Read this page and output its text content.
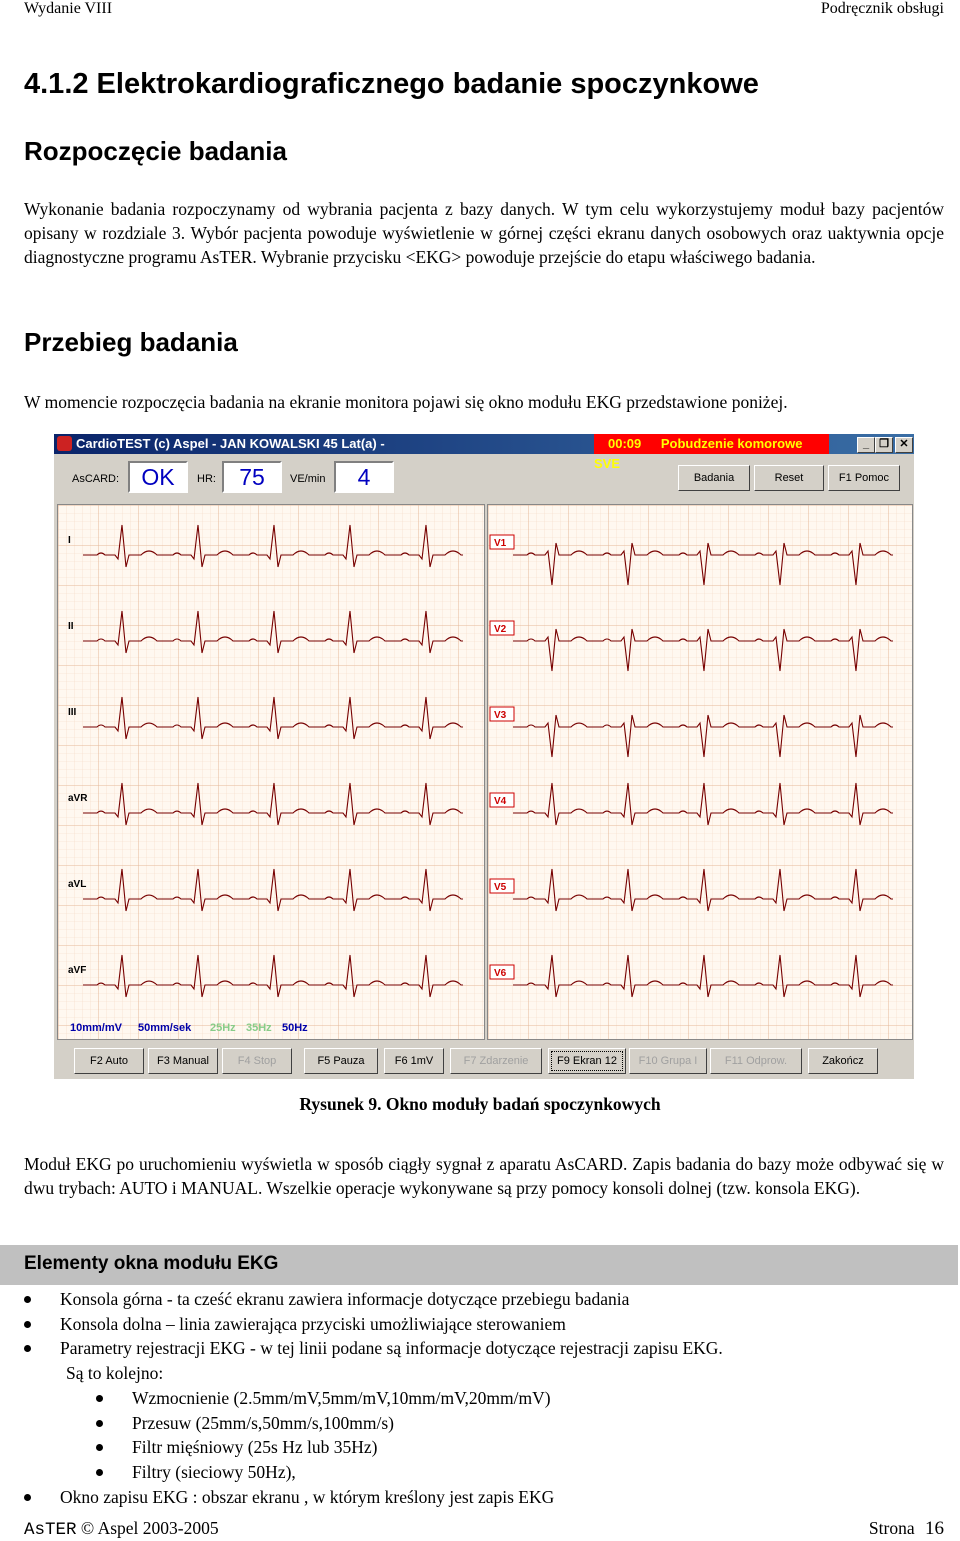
Wydanie VIII	Podręcznik obsługi
4.1.2 Elektrokardiograficznego badanie spoczynkowe
Rozpoczęcie badania
Wykonanie badania rozpoczynamy od wybrania pacjenta z bazy danych. W tym celu wykorzystujemy moduł bazy pacjentów opisany w rozdziale 3. Wybór pacjenta powoduje wyświetlenie w górnej części ekranu danych osobowych oraz uaktywnia opcje diagnostyczne programu AsTER. Wybranie przycisku <EKG> powoduje przejście do etapu właściwego badania.
Przebieg badania
W momencie rozpoczęcia badania na ekranie monitora pojawi się okno modułu EKG przedstawione poniżej.
CardioTEST (c) Aspel - JAN KOWALSKI 45 Lat(a) -	00:09 Pobudzenie komorowe SVE
_ ❐ ✕
AsCARD: OK	HR:	75	VE/min	4	Badania	Reset	F1 Pomoc
I
II
III
aVR
aVL
aVF
10mm/mV 50mm/sek 25Hz 35Hz 50Hz
V1
V2
V3
V4
V5
V6
F2 Auto	F3 Manual	F4 Stop	F5 Pauza	F6 1mV	F7 Zdarzenie	F9 Ekran 12	F10 Grupa I	F11 Odprow.	Zakończ
Rysunek 9. Okno moduły badań spoczynkowych
Moduł EKG po uruchomieniu wyświetla w sposób ciągły sygnał z aparatu AsCARD. Zapis badania do bazy może odbywać się w dwu trybach: AUTO i MANUAL. Wszelkie operacje wykonywane są przy pomocy konsoli dolnej (tzw. konsola EKG).
Elementy okna modułu EKG
Konsola górna - ta cześć ekranu zawiera informacje dotyczące przebiegu badania
Konsola dolna – linia zawierająca przyciski umożliwiające sterowaniem
Parametry rejestracji EKG - w tej linii podane są informacje dotyczące rejestracji zapisu EKG.
Są to kolejno:
Wzmocnienie (2.5mm/mV,5mm/mV,10mm/mV,20mm/mV)
Przesuw (25mm/s,50mm/s,100mm/s)
Filtr mięśniowy (25s Hz lub 35Hz)
Filtry (sieciowy 50Hz),
Okno zapisu EKG : obszar ekranu , w którym kreślony jest zapis EKG
AsTER © Aspel 2003-2005	Strona 16
